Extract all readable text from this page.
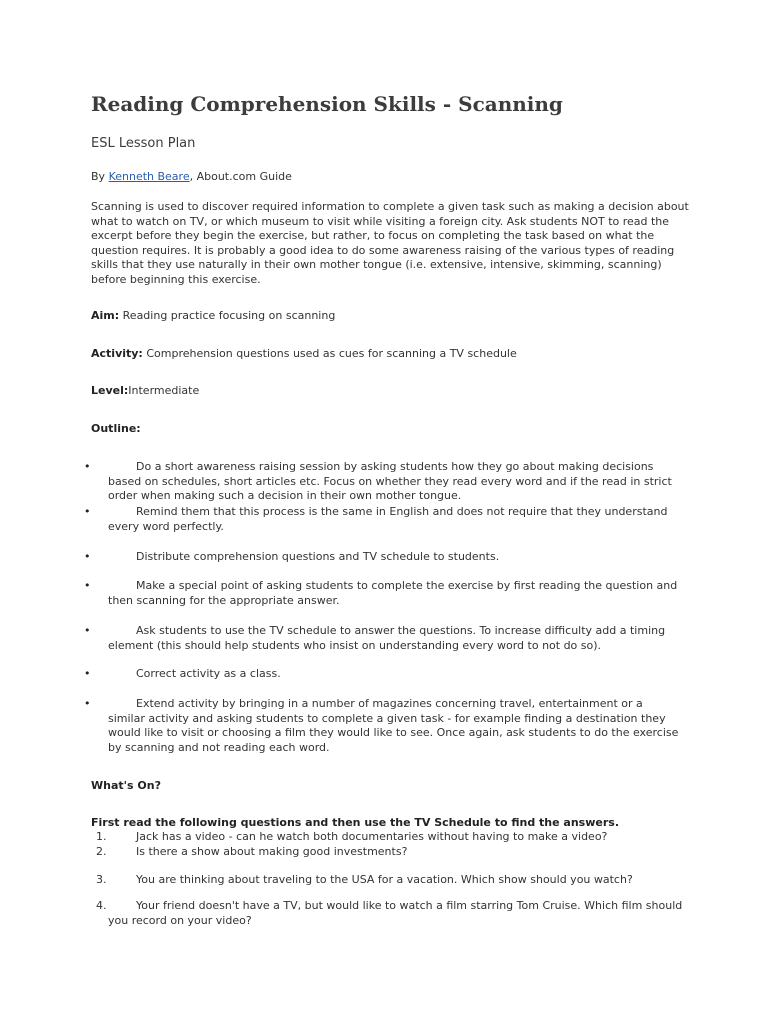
Reading Comprehension Skills - Scanning
ESL Lesson Plan
By Kenneth Beare, About.com Guide

Scanning is used to discover required information to complete a given task such as making a decision about what to watch on TV, or which museum to visit while visiting a foreign city. Ask students NOT to read the excerpt before they begin the exercise, but rather, to focus on completing the task based on what the question requires. It is probably a good idea to do some awareness raising of the various types of reading skills that they use naturally in their own mother tongue (i.e. extensive, intensive, skimming, scanning) before beginning this exercise.

Aim: Reading practice focusing on scanning
Activity: Comprehension questions used as cues for scanning a TV schedule
Level:Intermediate
Outline:
•	Do a short awareness raising session by asking students how they go about making decisions based on schedules, short articles etc. Focus on whether they read every word and if the read in strict order when making such a decision in their own mother tongue.
•	Remind them that this process is the same in English and does not require that they understand every word perfectly.
•	Distribute comprehension questions and TV schedule to students.
•	Make a special point of asking students to complete the exercise by first reading the question and then scanning for the appropriate answer.
•	Ask students to use the TV schedule to answer the questions. To increase difficulty add a timing element (this should help students who insist on understanding every word to not do so).
•	Correct activity as a class.
•	Extend activity by bringing in a number of magazines concerning travel, entertainment or a similar activity and asking students to complete a given task - for example finding a destination they would like to visit or choosing a film they would like to see. Once again, ask students to do the exercise by scanning and not reading each word.
What's On?
First read the following questions and then use the TV Schedule to find the answers.
1.	Jack has a video - can he watch both documentaries without having to make a video?
2.	Is there a show about making good investments?
3.	You are thinking about traveling to the USA for a vacation. Which show should you watch?
4.	Your friend doesn't have a TV, but would like to watch a film starring Tom Cruise. Which film should you record on your video?
